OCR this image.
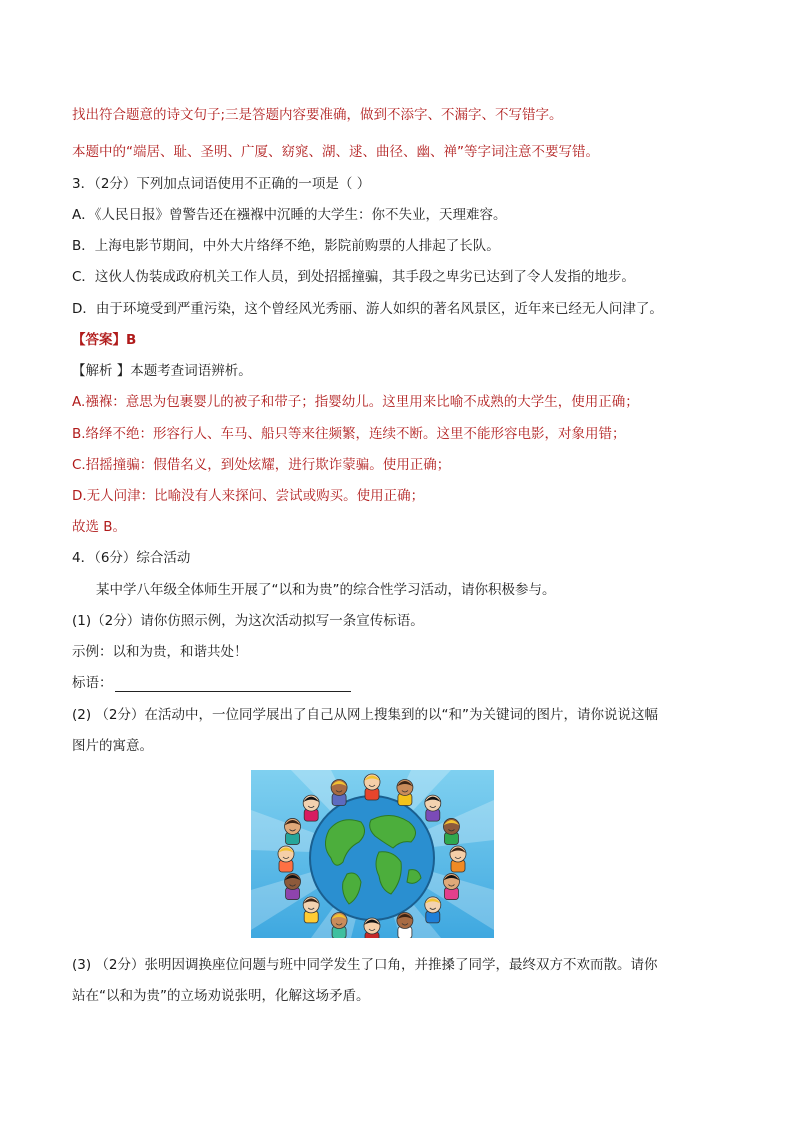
找出符合题意的诗文句子;三是答题内容要准确，做到不添字、不漏字、不写错字。
本题中的“端居、耻、圣明、广厦、窈窕、湖、逑、曲径、幽、禅”等字词注意不要写错。
3．（2分）下列加点词语使用不正确的一项是（ ）
A．《人民日报》曾警告还在襁褓中沉睡的大学生：你不失业，天理难容。
B．上海电影节期间，中外大片络绎不绝，影院前购票的人排起了长队。
C．这伙人伪装成政府机关工作人员，到处招摇撞骗，其手段之卑劣已达到了令人发指的地步。
D．由于环境受到严重污染，这个曾经风光秀丽、游人如织的著名风景区，近年来已经无人问津了。
【答案】B
【解析 】本题考查词语辨析。
A.襁褓：意思为包裹婴儿的被子和带子；指婴幼儿。这里用来比喻不成熟的大学生，使用正确；
B.络绎不绝：形容行人、车马、船只等来往频繁，连续不断。这里不能形容电影，对象用错；
C.招摇撞骗：假借名义，到处炫耀，进行欺诈蒙骗。使用正确；
D.无人问津：比喻没有人来探问、尝试或购买。使用正确；
故选 B。
4．（6分）综合活动
某中学八年级全体师生开展了“以和为贵”的综合性学习活动，请你积极参与。
(1)（2分）请你仿照示例，为这次活动拟写一条宣传标语。
示例：以和为贵，和谐共处！
标语：
(2) （2分）在活动中，一位同学展出了自己从网上搜集到的以“和”为关键词的图片，请你说说这幅
图片的寓意。
(3) （2分）张明因调换座位问题与班中同学发生了口角，并推搡了同学，最终双方不欢而散。请你
站在“以和为贵”的立场劝说张明，化解这场矛盾。
